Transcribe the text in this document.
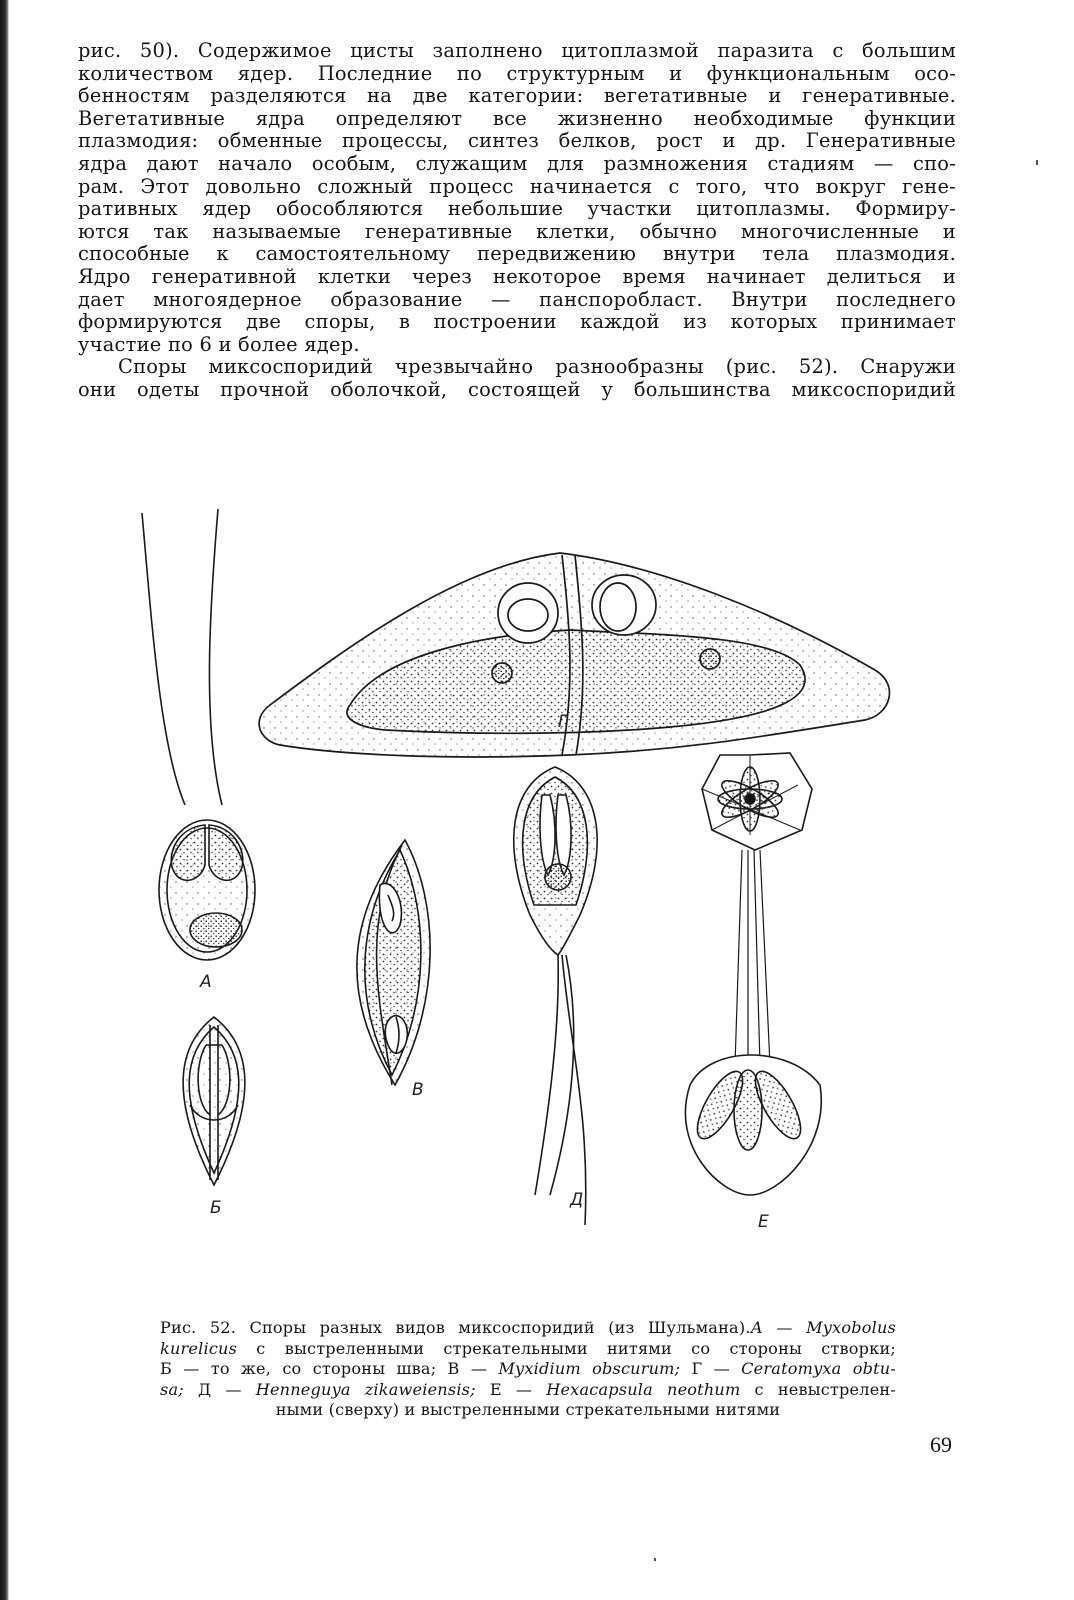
рис. 50). Содержимое цисты заполнено цитоплазмой паразита с большим
количеством ядер. Последние по структурным и функциональным осо-
бенностям разделяются на две категории: вегетативные и генеративные.
Вегетативные ядра определяют все жизненно необходимые функции
плазмодия: обменные процессы, синтез белков, рост и др. Генеративные
ядра дают начало особым, служащим для размножения стадиям — спо-
рам. Этот довольно сложный процесс начинается с того, что вокруг гене-
ративных ядер обособляются небольшие участки цитоплазмы. Формиру-
ются так называемые генеративные клетки, обычно многочисленные и
способные к самостоятельному передвижению внутри тела плазмодия.
Ядро генеративной клетки через некоторое время начинает делиться и
дает многоядерное образование — панспоробласт. Внутри последнего
формируются две споры, в построении каждой из которых принимает
участие по 6 и более ядер.
Споры миксоспоридий чрезвычайно разнообразны (рис. 52). Снаружи
они одеты прочной оболочкой, состоящей у большинства миксоспоридий
А
Б
В
Г
Д
Е
Рис. 52. Споры разных видов миксоспоридий (из Шульмана).А — Myxobolus
kurelicus с выстреленными стрекательными нитями со стороны створки;
Б — то же, со стороны шва; В — Myxidium obscurum; Г — Ceratomyxa obtu-
sa; Д — Henneguya zikaweiensis; Е — Hexacapsula neothum с невыстрелен-
ными (сверху) и выстреленными стрекательными нитями
69
